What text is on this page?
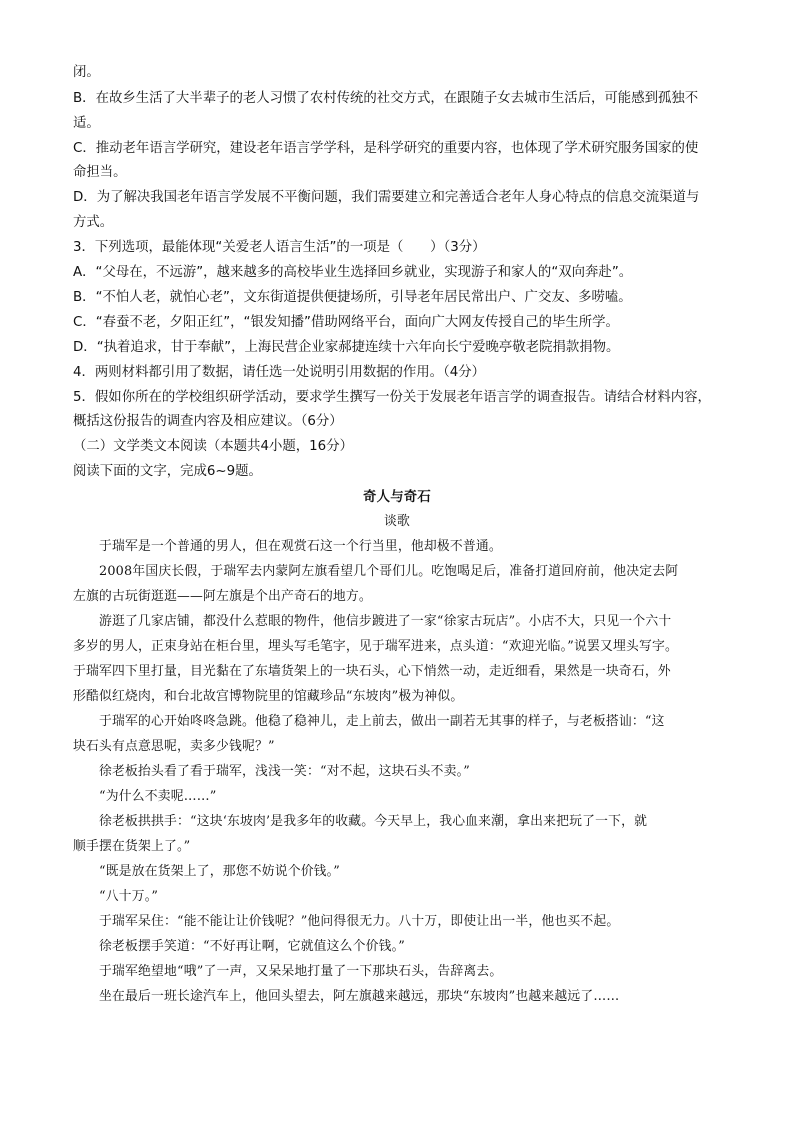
闭。
B．在故乡生活了大半辈子的老人习惯了农村传统的社交方式，在跟随子女去城市生活后，可能感到孤独不
适。
C．推动老年语言学研究，建设老年语言学学科，是科学研究的重要内容，也体现了学术研究服务国家的使
命担当。
D．为了解决我国老年语言学发展不平衡问题，我们需要建立和完善适合老年人身心特点的信息交流渠道与
方式。
3．下列选项，最能体现“关爱老人语言生活”的一项是（　　）（3分）
A．“父母在，不远游”，越来越多的高校毕业生选择回乡就业，实现游子和家人的“双向奔赴”。
B．“不怕人老，就怕心老”，文东街道提供便捷场所，引导老年居民常出户、广交友、多唠嗑。
C．“春蚕不老，夕阳正红”，“银发知播”借助网络平台，面向广大网友传授自己的毕生所学。
D．“执着追求，甘于奉献”，上海民营企业家郝捷连续十六年向长宁爱晚亭敬老院捐款捐物。
4．两则材料都引用了数据，请任选一处说明引用数据的作用。（4分）
5．假如你所在的学校组织研学活动，要求学生撰写一份关于发展老年语言学的调查报告。请结合材料内容，
概括这份报告的调查内容及相应建议。（6分）
（二）文学类文本阅读（本题共4小题，16分）
阅读下面的文字，完成6~9题。
奇人与奇石
谈歌
　　于瑞军是一个普通的男人，但在观赏石这一个行当里，他却极不普通。
　　2008年国庆长假，于瑞军去内蒙阿左旗看望几个哥们儿。吃饱喝足后，准备打道回府前，他决定去阿
左旗的古玩街逛逛——阿左旗是个出产奇石的地方。
　　游逛了几家店铺，都没什么惹眼的物件，他信步踱进了一家“徐家古玩店”。小店不大，只见一个六十
多岁的男人，正束身站在柜台里，埋头写毛笔字，见于瑞军进来，点头道：“欢迎光临。”说罢又埋头写字。
于瑞军四下里打量，目光黏在了东墙货架上的一块石头，心下悄然一动，走近细看，果然是一块奇石，外
形酷似红烧肉，和台北故宫博物院里的馆藏珍品“东坡肉”极为神似。
　　于瑞军的心开始咚咚急跳。他稳了稳神儿，走上前去，做出一副若无其事的样子，与老板搭讪：“这
块石头有点意思呢，卖多少钱呢？”
　　徐老板抬头看了看于瑞军，浅浅一笑：“对不起，这块石头不卖。”
　　“为什么不卖呢……”
　　徐老板拱拱手：“这块‘东坡肉’是我多年的收藏。今天早上，我心血来潮，拿出来把玩了一下，就
顺手摆在货架上了。”
　　“既是放在货架上了，那您不妨说个价钱。”
　　“八十万。”
　　于瑞军呆住：“能不能让让价钱呢？”他问得很无力。八十万，即使让出一半，他也买不起。
　　徐老板摆手笑道：“不好再让啊，它就值这么个价钱。”
　　于瑞军绝望地“哦”了一声，又呆呆地打量了一下那块石头，告辞离去。
　　坐在最后一班长途汽车上，他回头望去，阿左旗越来越远，那块“东坡肉”也越来越远了……
